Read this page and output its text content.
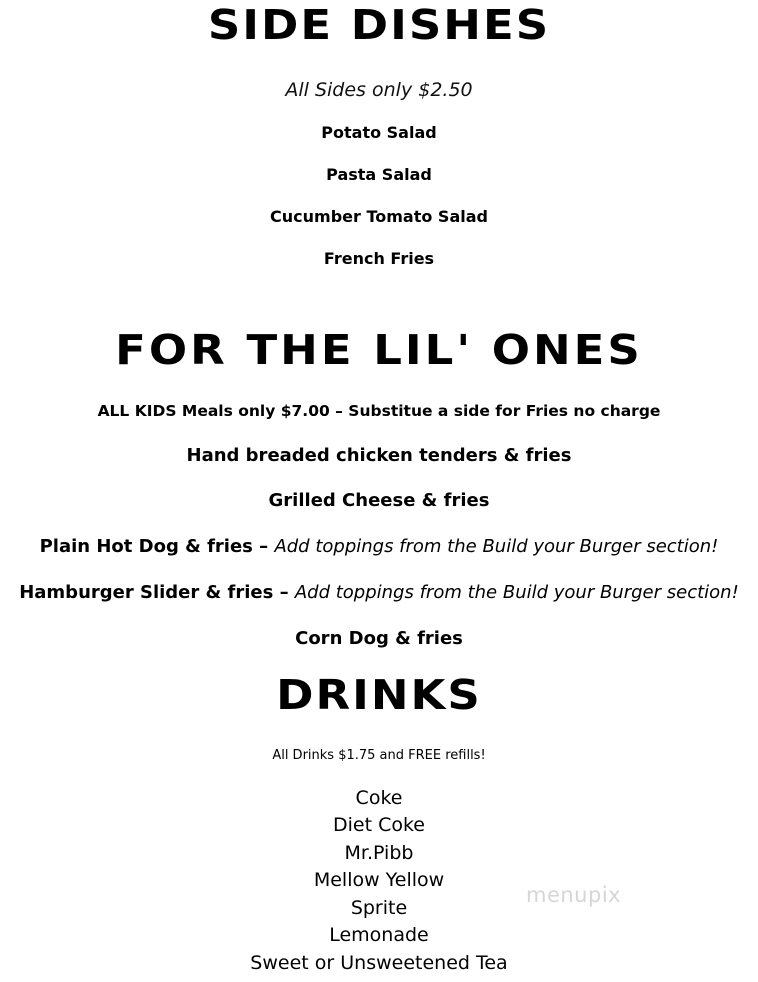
SIDE DISHES
All Sides only $2.50
Potato Salad
Pasta Salad
Cucumber Tomato Salad
French Fries
FOR THE LIL' ONES
ALL KIDS Meals only $7.00 – Substitue a side for Fries no charge
Hand breaded chicken tenders & fries
Grilled Cheese & fries
Plain Hot Dog & fries – Add toppings from the Build your Burger section!
Hamburger Slider & fries – Add toppings from the Build your Burger section!
Corn Dog & fries
DRINKS
All Drinks $1.75 and FREE refills!
Coke
Diet Coke
Mr.Pibb
Mellow Yellow
Sprite
Lemonade
Sweet or Unsweetened Tea
menupix
